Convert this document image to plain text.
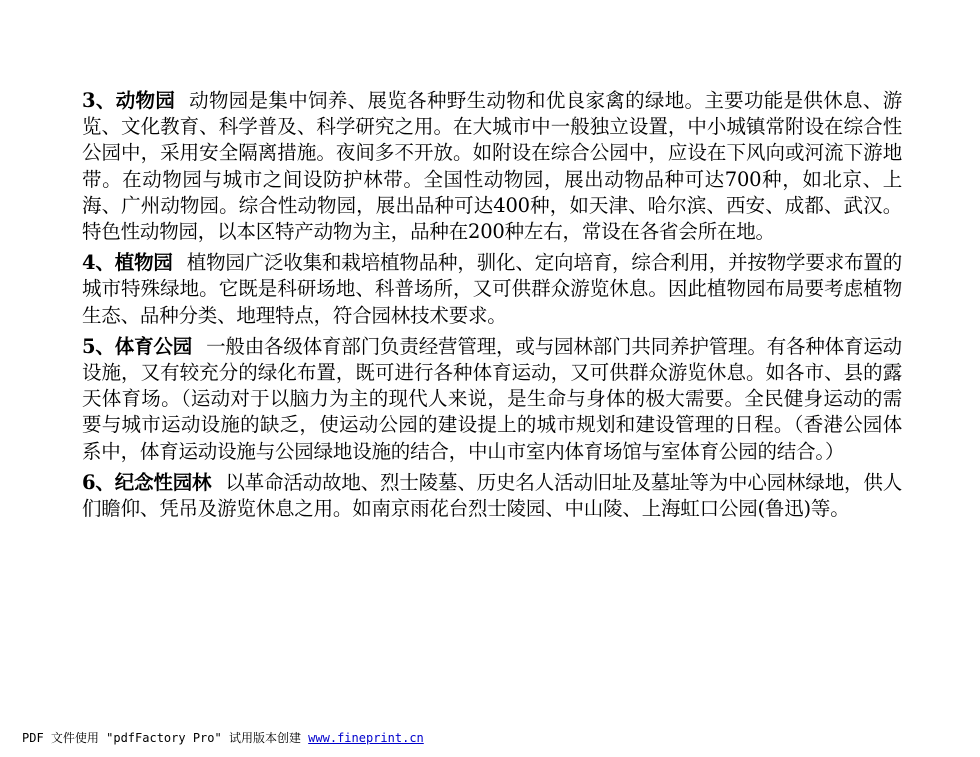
3、动物园 动物园是集中饲养、展览各种野生动物和优良家禽的绿地。主要功能是供休息、游览、文化教育、科学普及、科学研究之用。在大城市中一般独立设置，中小城镇常附设在综合性公园中，采用安全隔离措施。夜间多不开放。如附设在综合公园中，应设在下风向或河流下游地带。在动物园与城市之间设防护林带。全国性动物园，展出动物品种可达700种，如北京、上海、广州动物园。综合性动物园，展出品种可达400种，如天津、哈尔滨、西安、成都、武汉。特色性动物园，以本区特产动物为主，品种在200种左右，常设在各省会所在地。

4、植物园 植物园广泛收集和栽培植物品种，驯化、定向培育，综合利用，并按物学要求布置的城市特殊绿地。它既是科研场地、科普场所，又可供群众游览休息。因此植物园布局要考虑植物生态、品种分类、地理特点，符合园林技术要求。

5、体育公园 一般由各级体育部门负责经营管理，或与园林部门共同养护管理。有各种体育运动设施，又有较充分的绿化布置，既可进行各种体育运动，又可供群众游览休息。如各市、县的露天体育场。（运动对于以脑力为主的现代人来说，是生命与身体的极大需要。全民健身运动的需要与城市运动设施的缺乏，使运动公园的建设提上的城市规划和建设管理的日程。（香港公园体系中，体育运动设施与公园绿地设施的结合，中山市室内体育场馆与室体育公园的结合。）

6、纪念性园林 以革命活动故地、烈士陵墓、历史名人活动旧址及墓址等为中心园林绿地，供人们瞻仰、凭吊及游览休息之用。如南京雨花台烈士陵园、中山陵、上海虹口公园(鲁迅)等。

PDF 文件使用 "pdfFactory Pro" 试用版本创建 www.fineprint.cn
